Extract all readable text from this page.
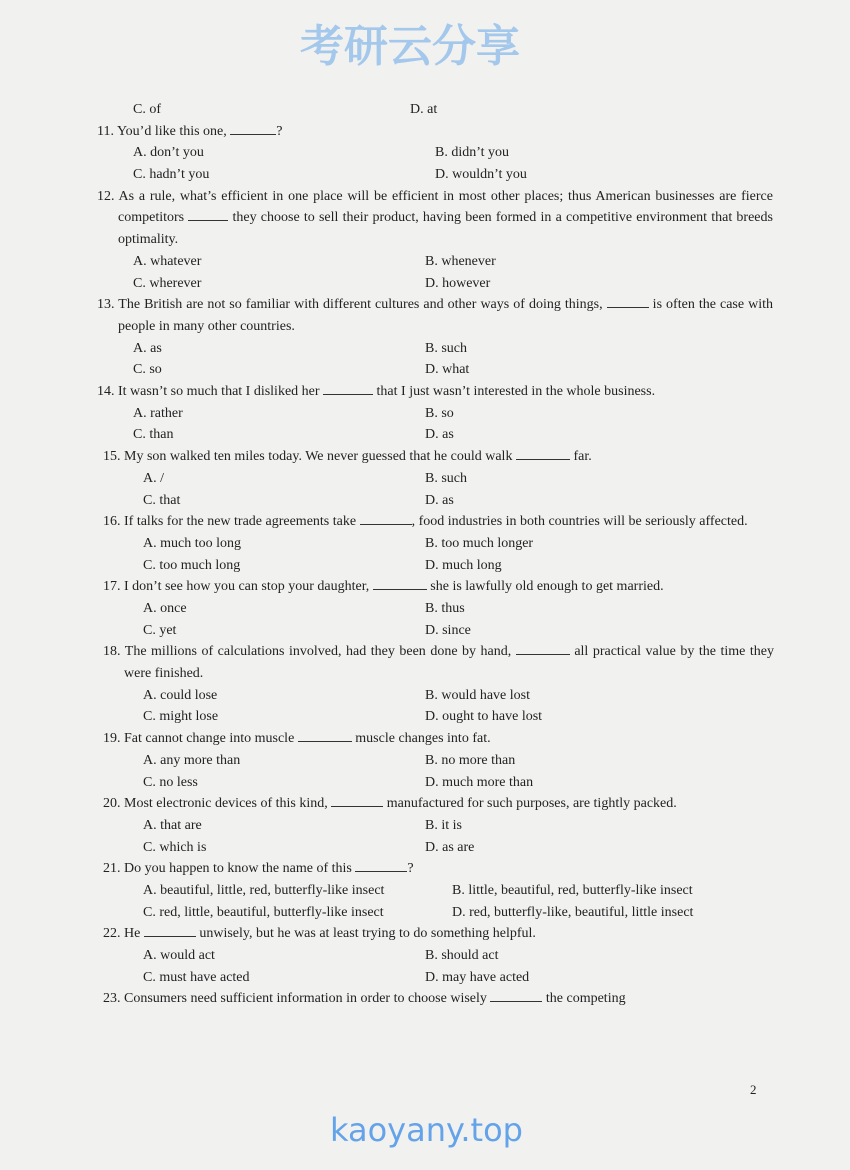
考研云分享
C. of	D. at
11. You’d like this one,	?
A. don’t you	B. didn’t you
C. hadn’t you	D. wouldn’t you
12. As a rule, what’s efficient in one place will be efficient in most other places; thus American businesses are fierce competitors	they choose to sell their product, having been formed in a competitive environment that breeds optimality.
A. whatever	B. whenever
C. wherever	D. however
13. The British are not so familiar with different cultures and other ways of doing things,	is often the case with people in many other countries.
A. as	B. such
C. so	D. what
14. It wasn’t so much that I disliked her	that I just wasn’t interested in the whole business.
A. rather	B. so
C. than	D. as
15. My son walked ten miles today. We never guessed that he could walk	far.
A. /	B. such
C. that	D. as
16. If talks for the new trade agreements take	, food industries in both countries will be seriously affected.
A. much too long	B. too much longer
C. too much long	D. much long
17. I don’t see how you can stop your daughter,	she is lawfully old enough to get married.
A. once	B. thus
C. yet	D. since
18. The millions of calculations involved, had they been done by hand,	all practical value by the time they were finished.
A. could lose	B. would have lost
C. might lose	D. ought to have lost
19. Fat cannot change into muscle	muscle changes into fat.
A. any more than	B. no more than
C. no less	D. much more than
20. Most electronic devices of this kind,	manufactured for such purposes, are tightly packed.
A. that are	B. it is
C. which is	D. as are
21. Do you happen to know the name of this	?
A. beautiful, little, red, butterfly-like insect	B. little, beautiful, red, butterfly-like insect
C. red, little, beautiful, butterfly-like insect	D. red, butterfly-like, beautiful, little insect
22. He	unwisely, but he was at least trying to do something helpful.
A. would act	B. should act
C. must have acted	D. may have acted
23. Consumers need sufficient information in order to choose wisely	the competing
2
kaoyany.top
